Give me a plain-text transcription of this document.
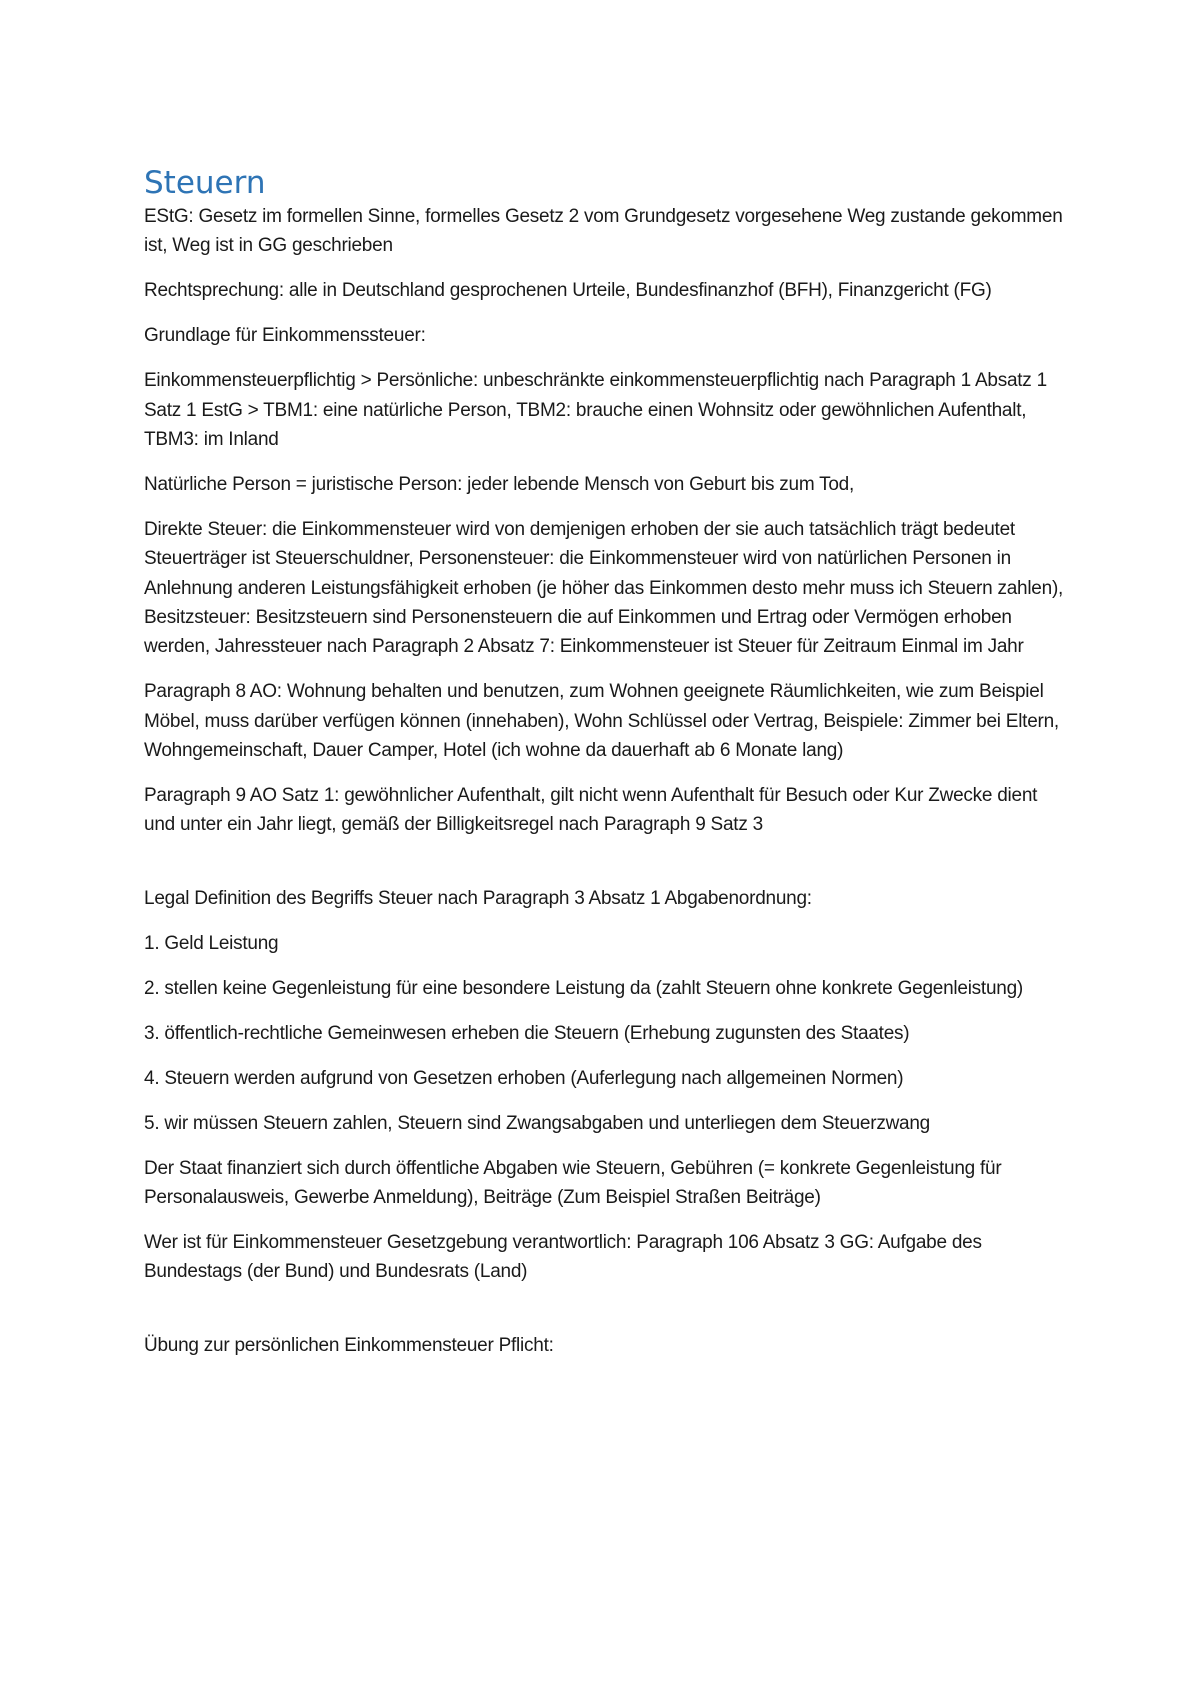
Steuern

EStG: Gesetz im formellen Sinne, formelles Gesetz 2 vom Grundgesetz vorgesehene Weg zustande gekommen ist, Weg ist in GG geschrieben

Rechtsprechung: alle in Deutschland gesprochenen Urteile, Bundesfinanzhof (BFH), Finanzgericht (FG)

Grundlage für Einkommenssteuer:

Einkommensteuerpflichtig > Persönliche: unbeschränkte einkommensteuerpflichtig nach Paragraph 1 Absatz 1 Satz 1 EstG > TBM1: eine natürliche Person, TBM2: brauche einen Wohnsitz oder gewöhnlichen Aufenthalt, TBM3: im Inland

Natürliche Person = juristische Person: jeder lebende Mensch von Geburt bis zum Tod,

Direkte Steuer: die Einkommensteuer wird von demjenigen erhoben der sie auch tatsächlich trägt bedeutet Steuerträger ist Steuerschuldner, Personensteuer: die Einkommensteuer wird von natürlichen Personen in Anlehnung anderen Leistungsfähigkeit erhoben (je höher das Einkommen desto mehr muss ich Steuern zahlen), Besitzsteuer: Besitzsteuern sind Personensteuern die auf Einkommen und Ertrag oder Vermögen erhoben werden, Jahressteuer nach Paragraph 2 Absatz 7: Einkommensteuer ist Steuer für Zeitraum Einmal im Jahr

Paragraph 8 AO: Wohnung behalten und benutzen, zum Wohnen geeignete Räumlichkeiten, wie zum Beispiel Möbel, muss darüber verfügen können (innehaben), Wohn Schlüssel oder Vertrag, Beispiele: Zimmer bei Eltern, Wohngemeinschaft, Dauer Camper, Hotel (ich wohne da dauerhaft ab 6 Monate lang)

Paragraph 9 AO Satz 1: gewöhnlicher Aufenthalt, gilt nicht wenn Aufenthalt für Besuch oder Kur Zwecke dient und unter ein Jahr liegt, gemäß der Billigkeitsregel nach Paragraph 9 Satz 3

Legal Definition des Begriffs Steuer nach Paragraph 3 Absatz 1 Abgabenordnung:

1. Geld Leistung

2. stellen keine Gegenleistung für eine besondere Leistung da (zahlt Steuern ohne konkrete Gegenleistung)

3. öffentlich-rechtliche Gemeinwesen erheben die Steuern (Erhebung zugunsten des Staates)

4. Steuern werden aufgrund von Gesetzen erhoben (Auferlegung nach allgemeinen Normen)

5. wir müssen Steuern zahlen, Steuern sind Zwangsabgaben und unterliegen dem Steuerzwang

Der Staat finanziert sich durch öffentliche Abgaben wie Steuern, Gebühren (= konkrete Gegenleistung für Personalausweis, Gewerbe Anmeldung), Beiträge (Zum Beispiel Straßen Beiträge)

Wer ist für Einkommensteuer Gesetzgebung verantwortlich: Paragraph 106 Absatz 3 GG: Aufgabe des Bundestags (der Bund) und Bundesrats (Land)

Übung zur persönlichen Einkommensteuer Pflicht:
